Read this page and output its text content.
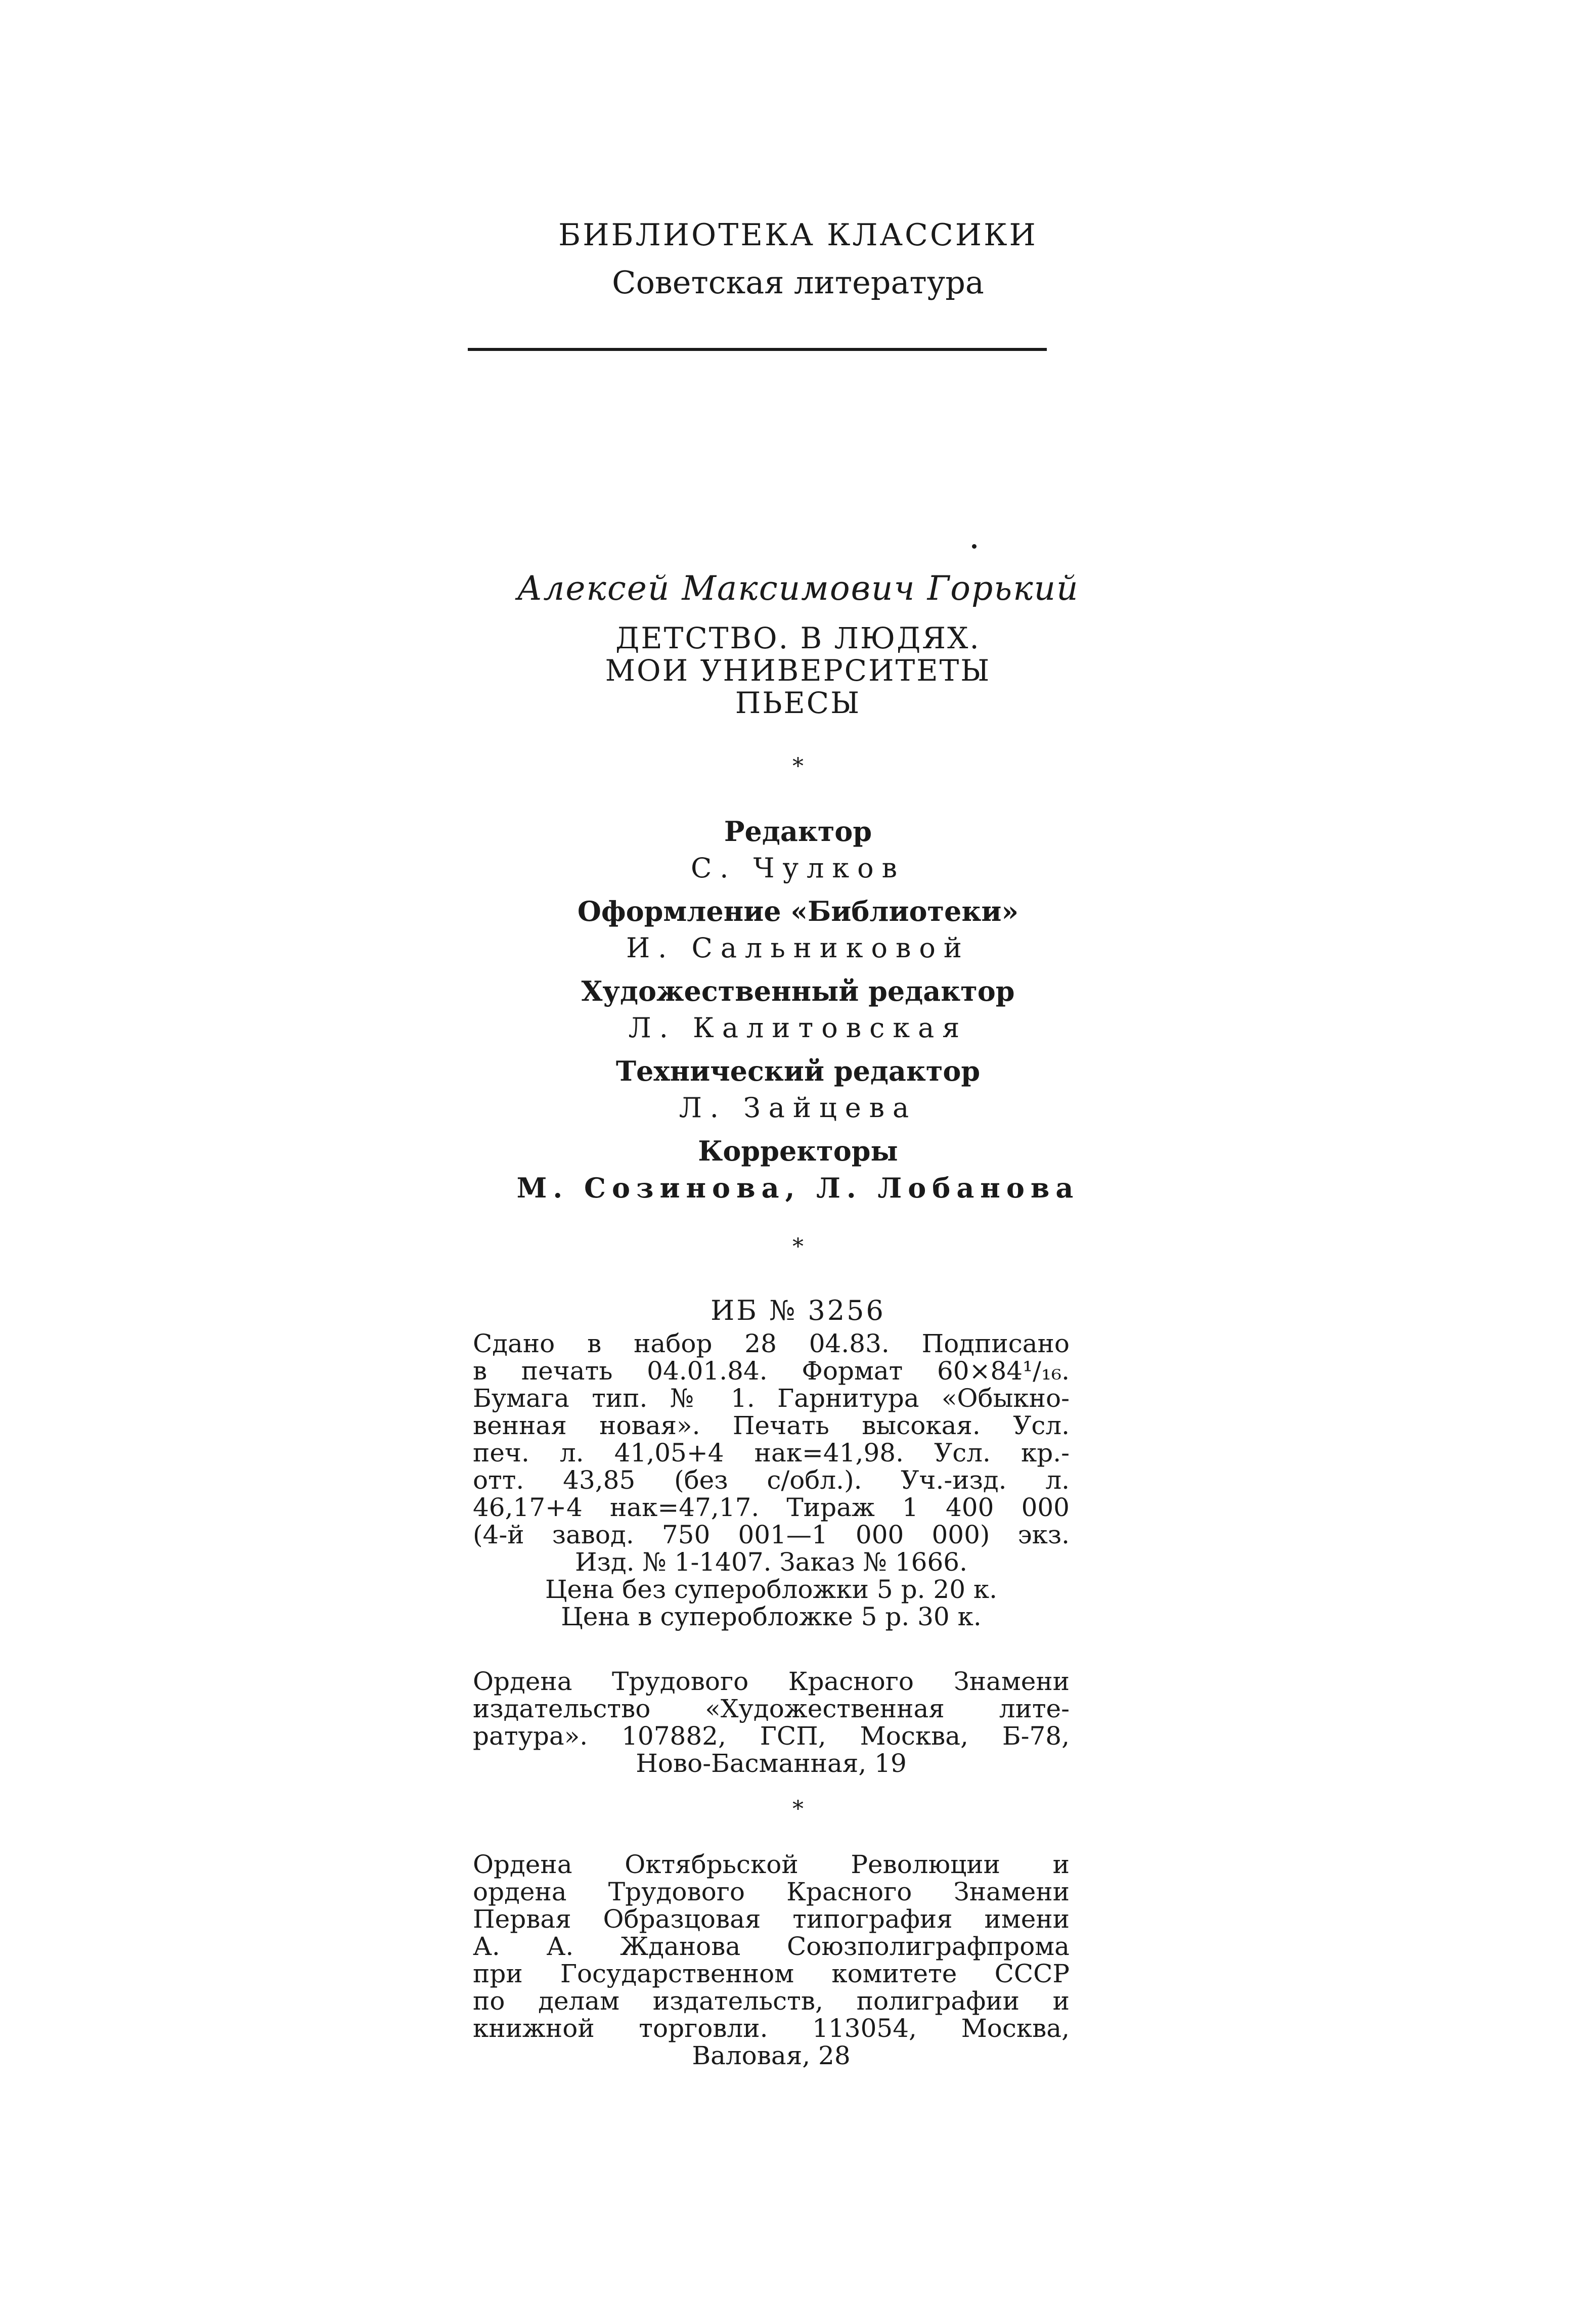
БИБЛИОТЕКА КЛАССИКИ
Советская литература
Алексей Максимович Горький
ДЕТСТВО. В ЛЮДЯХ.
МОИ УНИВЕРСИТЕТЫ
ПЬЕСЫ
*
Редактор
С. Чулков
Оформление «Библиотеки»
И. Сальниковой
Художественный редактор
Л. Калитовская
Технический редактор
Л. Зайцева
Корректоры
М. Созинова, Л. Лобанова
*
ИБ № 3256
Сдано в набор 28 04.83. Подписано
в печать 04.01.84. Формат 60×84¹/₁₆.
Бумага тип. № 1. Гарнитура «Обыкно-
венная новая». Печать высокая. Усл.
печ. л. 41,05+4 нак=41,98. Усл. кр.-
отт. 43,85 (без с/обл.). Уч.-изд. л.
46,17+4 нак=47,17. Тираж 1 400 000
(4-й завод. 750 001—1 000 000) экз.
Изд. № 1-1407. Заказ № 1666.
Цена без суперобложки 5 р. 20 к.
Цена в суперобложке 5 р. 30 к.
Ордена Трудового Красного Знамени
издательство «Художественная лите-
ратура». 107882, ГСП, Москва, Б-78,
Ново-Басманная, 19
*
Ордена Октябрьской Революции и
ордена Трудового Красного Знамени
Первая Образцовая типография имени
А. А. Жданова Союзполиграфпрома
при Государственном комитете СССР
по делам издательств, полиграфии и
книжной торговли. 113054, Москва,
Валовая, 28
